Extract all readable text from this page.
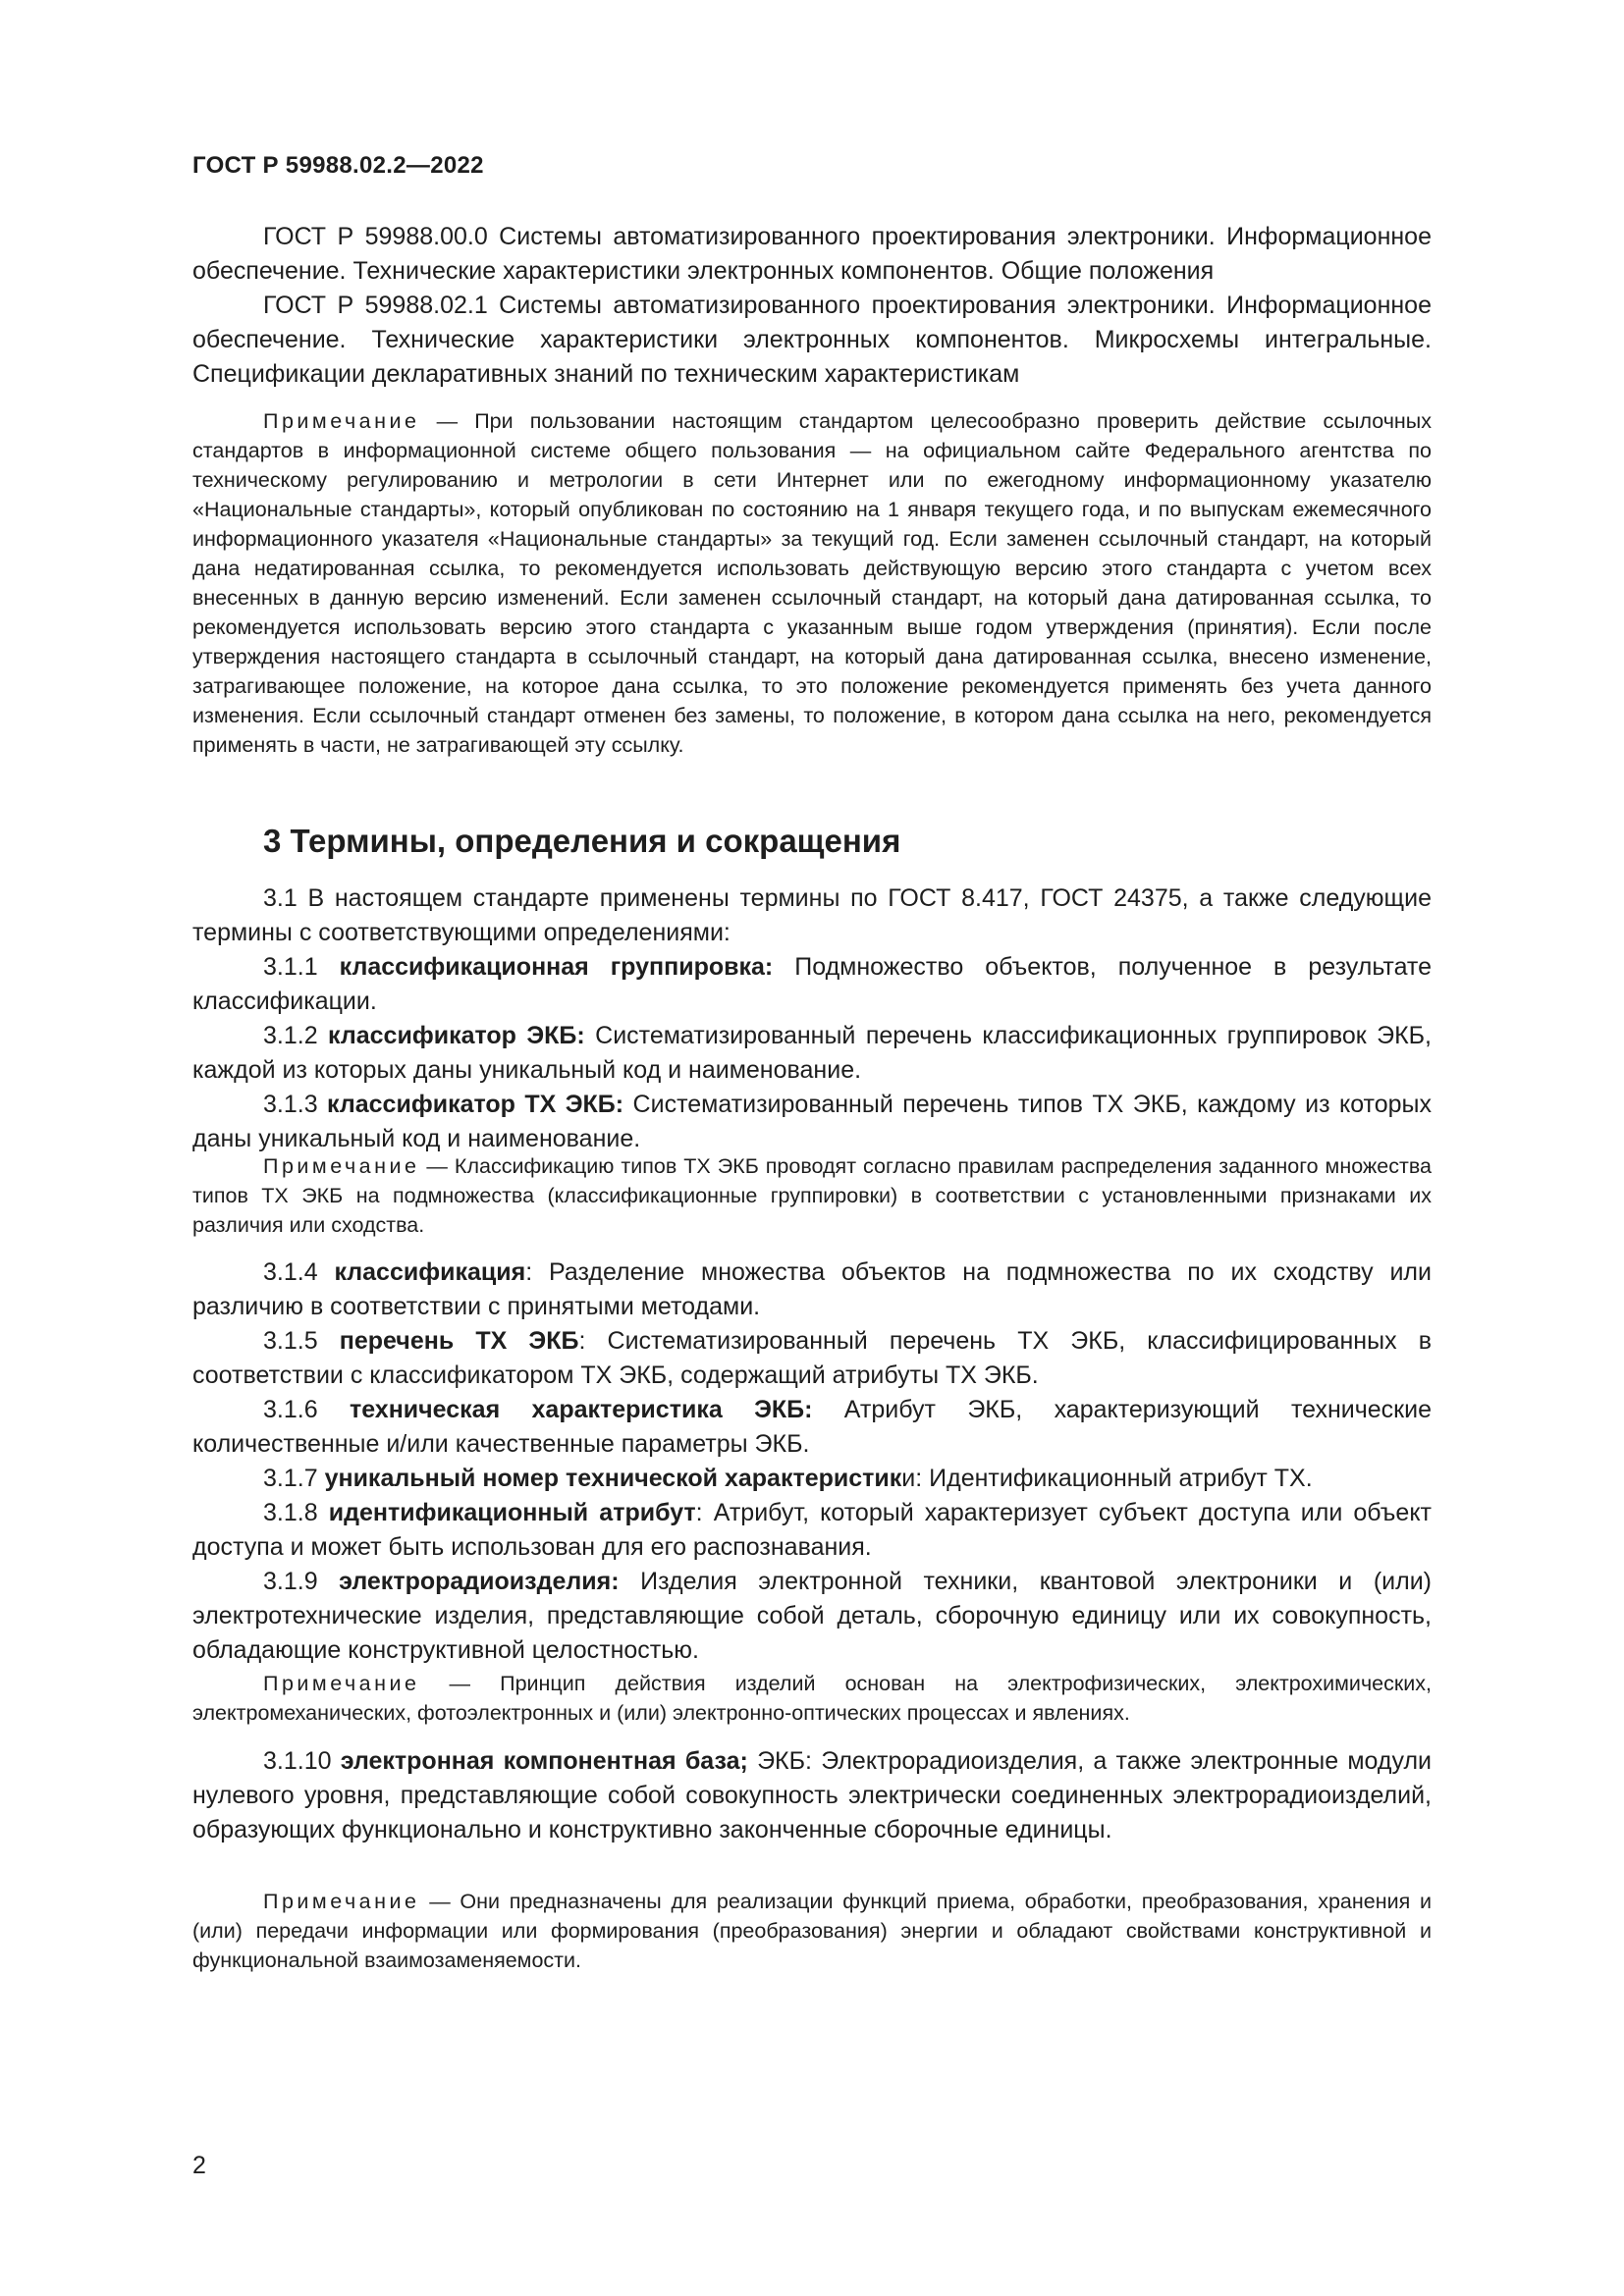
ГОСТ Р 59988.02.2—2022

ГОСТ Р 59988.00.0 Системы автоматизированного проектирования электроники. Информационное обеспечение. Технические характеристики электронных компонентов. Общие положения

ГОСТ Р 59988.02.1 Системы автоматизированного проектирования электроники. Информационное обеспечение. Технические характеристики электронных компонентов. Микросхемы интегральные. Спецификации декларативных знаний по техническим характеристикам

Примечание — При пользовании настоящим стандартом целесообразно проверить действие ссылочных стандартов в информационной системе общего пользования — на официальном сайте Федерального агентства по техническому регулированию и метрологии в сети Интернет или по ежегодному информационному указателю «Национальные стандарты», который опубликован по состоянию на 1 января текущего года, и по выпускам ежемесячного информационного указателя «Национальные стандарты» за текущий год. Если заменен ссылочный стандарт, на который дана недатированная ссылка, то рекомендуется использовать действующую версию этого стандарта с учетом всех внесенных в данную версию изменений. Если заменен ссылочный стандарт, на который дана датированная ссылка, то рекомендуется использовать версию этого стандарта с указанным выше годом утверждения (принятия). Если после утверждения настоящего стандарта в ссылочный стандарт, на который дана датированная ссылка, внесено изменение, затрагивающее положение, на которое дана ссылка, то это положение рекомендуется применять без учета данного изменения. Если ссылочный стандарт отменен без замены, то положение, в котором дана ссылка на него, рекомендуется применять в части, не затрагивающей эту ссылку.

3 Термины, определения и сокращения

3.1 В настоящем стандарте применены термины по ГОСТ 8.417, ГОСТ 24375, а также следующие термины с соответствующими определениями:

3.1.1 классификационная группировка: Подмножество объектов, полученное в результате классификации.

3.1.2 классификатор ЭКБ: Систематизированный перечень классификационных группировок ЭКБ, каждой из которых даны уникальный код и наименование.

3.1.3 классификатор ТХ ЭКБ: Систематизированный перечень типов ТХ ЭКБ, каждому из которых даны уникальный код и наименование.

Примечание — Классификацию типов ТХ ЭКБ проводят согласно правилам распределения заданного множества типов ТХ ЭКБ на подмножества (классификационные группировки) в соответствии с установленными признаками их различия или сходства.

3.1.4 классификация: Разделение множества объектов на подмножества по их сходству или различию в соответствии с принятыми методами.

3.1.5 перечень ТХ ЭКБ: Систематизированный перечень ТХ ЭКБ, классифицированных в соответствии с классификатором ТХ ЭКБ, содержащий атрибуты ТХ ЭКБ.

3.1.6 техническая характеристика ЭКБ: Атрибут ЭКБ, характеризующий технические количественные и/или качественные параметры ЭКБ.

3.1.7 уникальный номер технической характеристики: Идентификационный атрибут ТХ.

3.1.8 идентификационный атрибут: Атрибут, который характеризует субъект доступа или объект доступа и может быть использован для его распознавания.

3.1.9 электрорадиоизделия: Изделия электронной техники, квантовой электроники и (или) электротехнические изделия, представляющие собой деталь, сборочную единицу или их совокупность, обладающие конструктивной целостностью.

Примечание — Принцип действия изделий основан на электрофизических, электрохимических, электромеханических, фотоэлектронных и (или) электронно-оптических процессах и явлениях.

3.1.10 электронная компонентная база; ЭКБ: Электрорадиоизделия, а также электронные модули нулевого уровня, представляющие собой совокупность электрически соединенных электрорадиоизделий, образующих функционально и конструктивно законченные сборочные единицы.

Примечание — Они предназначены для реализации функций приема, обработки, преобразования, хранения и (или) передачи информации или формирования (преобразования) энергии и обладают свойствами конструктивной и функциональной взаимозаменяемости.

2
